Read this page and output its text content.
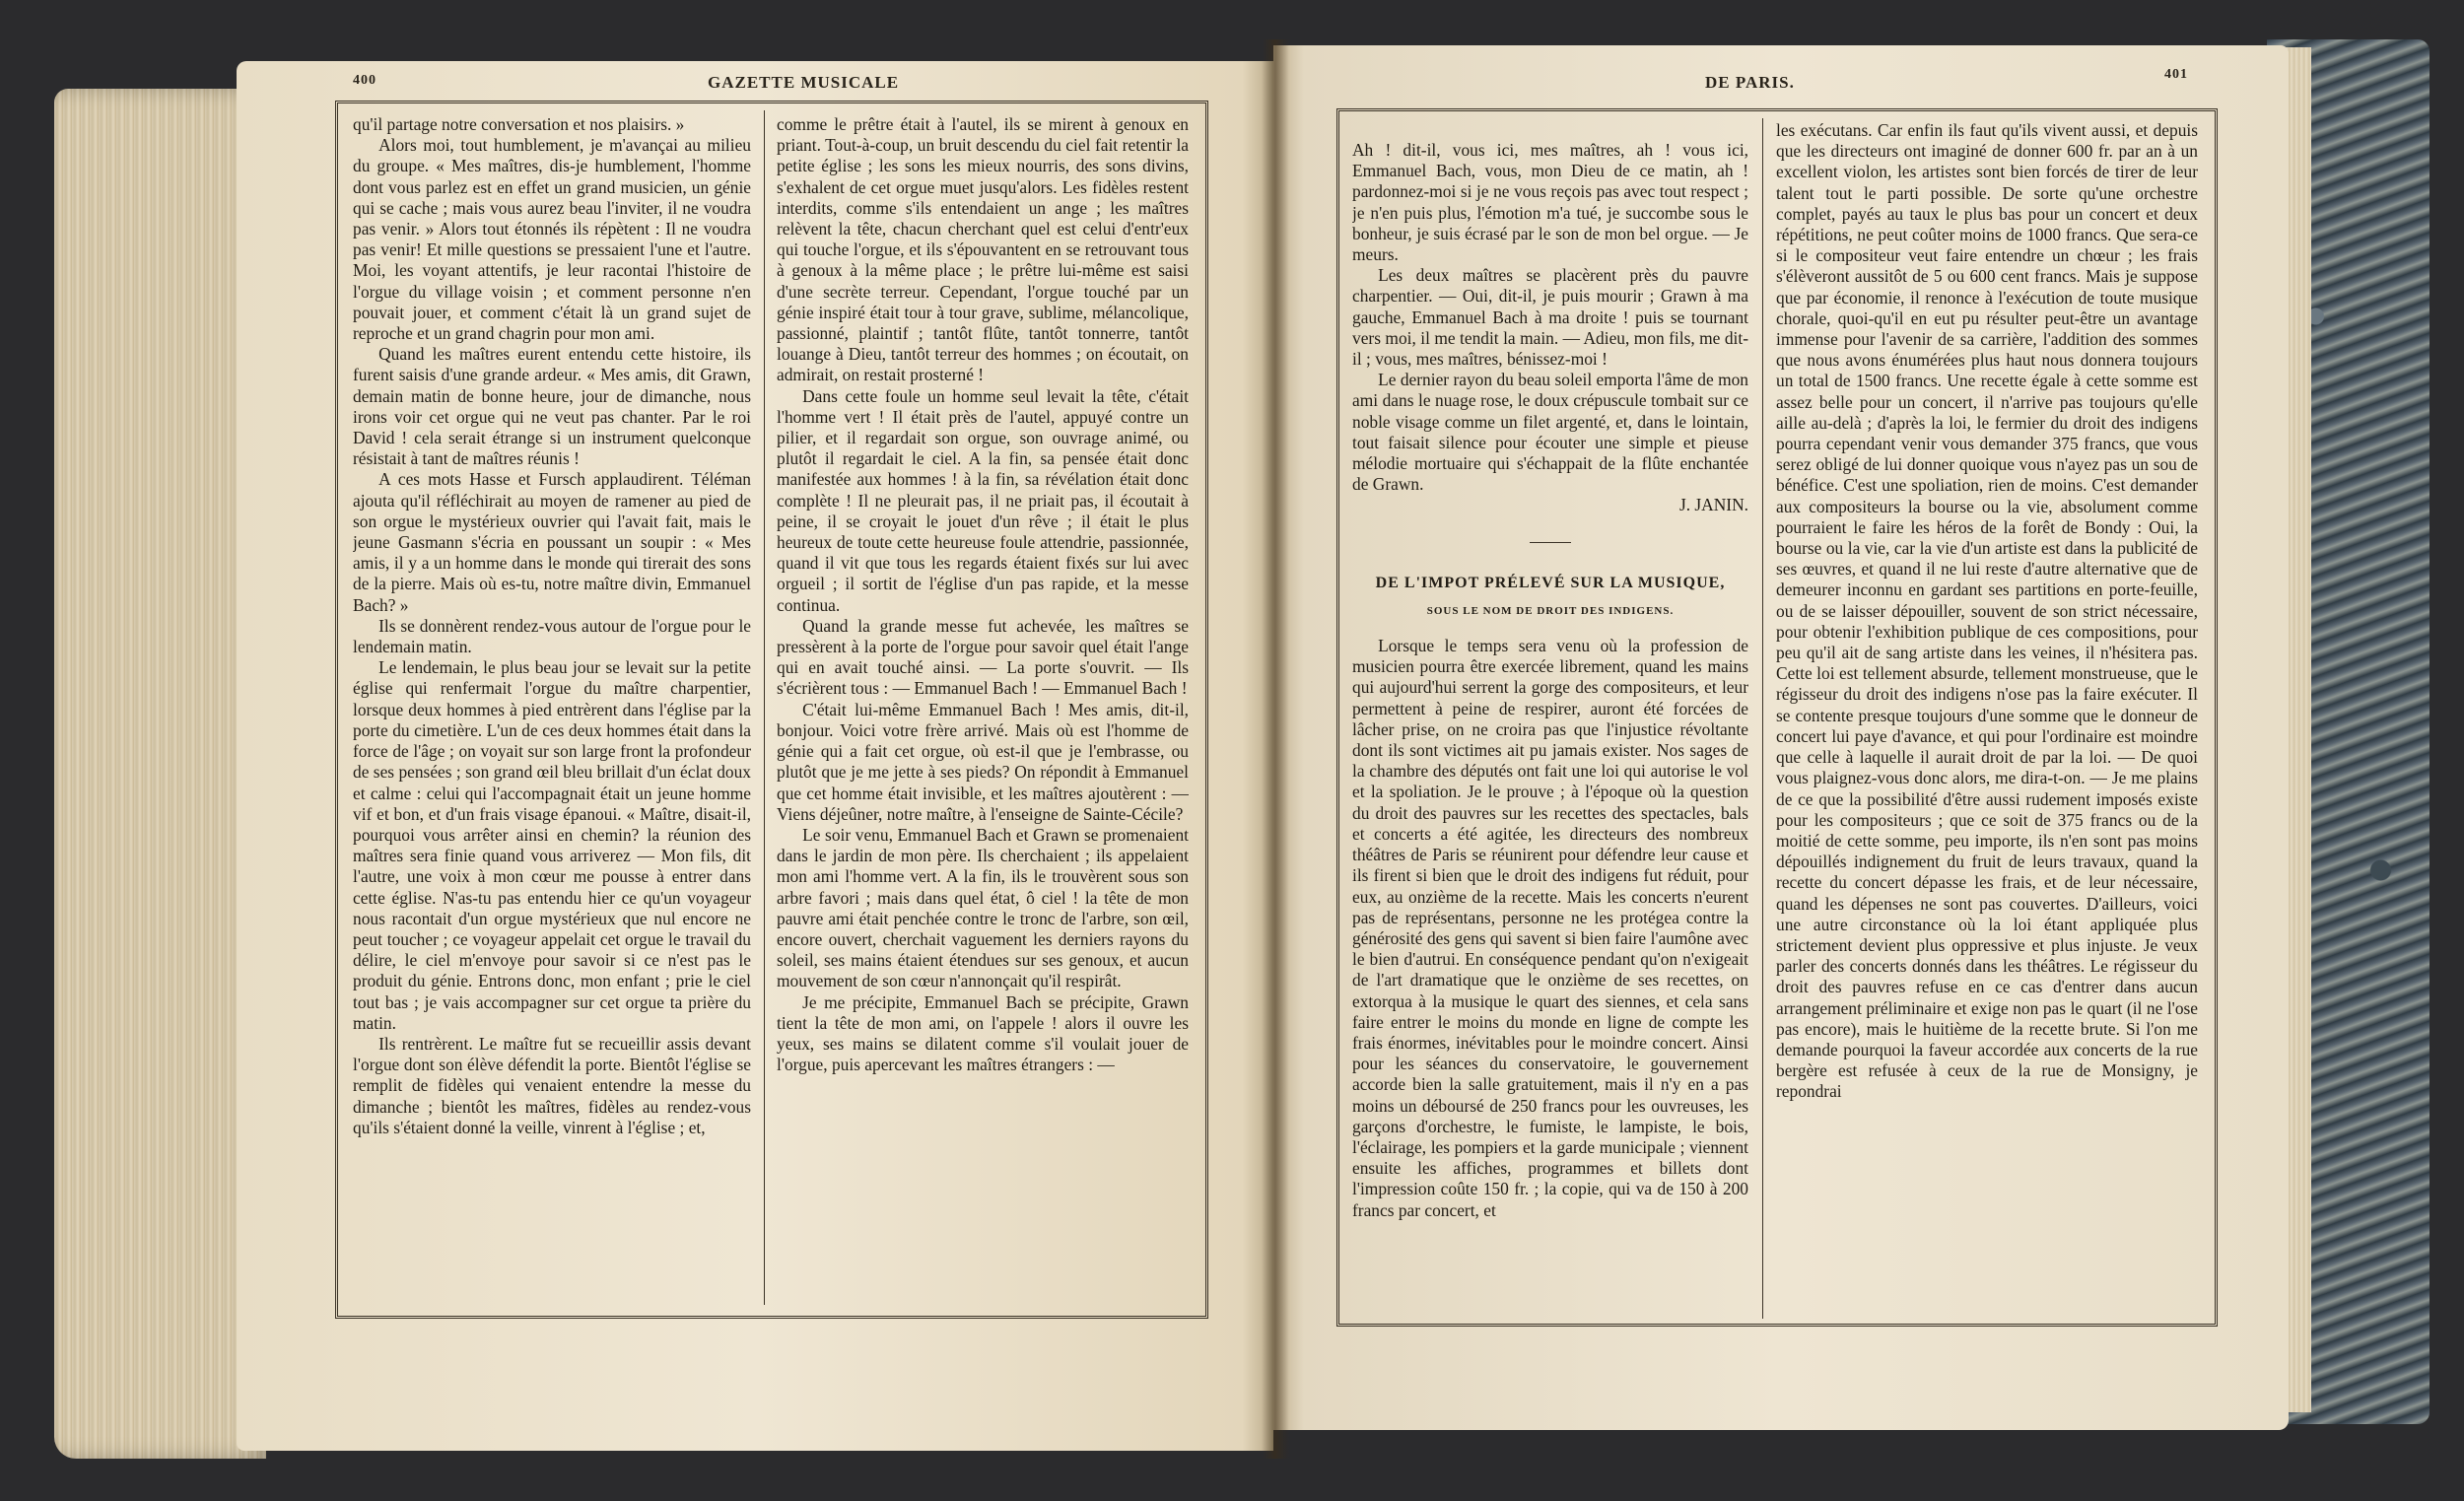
400	GAZETTE MUSICALE

qu'il partage notre conversation et nos plaisirs. »

Alors moi, tout humblement, je m'avançai au milieu du groupe. « Mes maîtres, dis-je humblement, l'homme dont vous parlez est en effet un grand musicien, un génie qui se cache ; mais vous aurez beau l'inviter, il ne voudra pas venir. » Alors tout étonnés ils répètent : Il ne voudra pas venir! Et mille questions se pressaient l'une et l'autre. Moi, les voyant attentifs, je leur racontai l'histoire de l'orgue du village voisin ; et comment personne n'en pouvait jouer, et comment c'était là un grand sujet de reproche et un grand chagrin pour mon ami.

Quand les maîtres eurent entendu cette histoire, ils furent saisis d'une grande ardeur. « Mes amis, dit Grawn, demain matin de bonne heure, jour de dimanche, nous irons voir cet orgue qui ne veut pas chanter. Par le roi David ! cela serait étrange si un instrument quelconque résistait à tant de maîtres réunis !

A ces mots Hasse et Fursch applaudirent. Téléman ajouta qu'il réfléchirait au moyen de ramener au pied de son orgue le mystérieux ouvrier qui l'avait fait, mais le jeune Gasmann s'écria en poussant un soupir : « Mes amis, il y a un homme dans le monde qui tirerait des sons de la pierre. Mais où es-tu, notre maître divin, Emmanuel Bach? »

Ils se donnèrent rendez-vous autour de l'orgue pour le lendemain matin.

Le lendemain, le plus beau jour se levait sur la petite église qui renfermait l'orgue du maître charpentier, lorsque deux hommes à pied entrèrent dans l'église par la porte du cimetière. L'un de ces deux hommes était dans la force de l'âge ; on voyait sur son large front la profondeur de ses pensées ; son grand œil bleu brillait d'un éclat doux et calme : celui qui l'accompagnait était un jeune homme vif et bon, et d'un frais visage épanoui. « Maître, disait-il, pourquoi vous arrêter ainsi en chemin? la réunion des maîtres sera finie quand vous arriverez — Mon fils, dit l'autre, une voix à mon cœur me pousse à entrer dans cette église. N'as-tu pas entendu hier ce qu'un voyageur nous racontait d'un orgue mystérieux que nul encore ne peut toucher ; ce voyageur appelait cet orgue le travail du délire, le ciel m'envoye pour savoir si ce n'est pas le produit du génie. Entrons donc, mon enfant ; prie le ciel tout bas ; je vais accompagner sur cet orgue ta prière du matin.

Ils rentrèrent. Le maître fut se recueillir assis devant l'orgue dont son élève défendit la porte. Bientôt l'église se remplit de fidèles qui venaient entendre la messe du dimanche ; bientôt les maîtres, fidèles au rendez-vous qu'ils s'étaient donné la veille, vinrent à l'église ; et,

comme le prêtre était à l'autel, ils se mirent à genoux en priant. Tout-à-coup, un bruit descendu du ciel fait retentir la petite église ; les sons les mieux nourris, des sons divins, s'exhalent de cet orgue muet jusqu'alors. Les fidèles restent interdits, comme s'ils entendaient un ange ; les maîtres relèvent la tête, chacun cherchant quel est celui d'entr'eux qui touche l'orgue, et ils s'épouvantent en se retrouvant tous à genoux à la même place ; le prêtre lui-même est saisi d'une secrète terreur. Cependant, l'orgue touché par un génie inspiré était tour à tour grave, sublime, mélancolique, passionné, plaintif ; tantôt flûte, tantôt tonnerre, tantôt louange à Dieu, tantôt terreur des hommes ; on écoutait, on admirait, on restait prosterné !

Dans cette foule un homme seul levait la tête, c'était l'homme vert ! Il était près de l'autel, appuyé contre un pilier, et il regardait son orgue, son ouvrage animé, ou plutôt il regardait le ciel. A la fin, sa pensée était donc manifestée aux hommes ! à la fin, sa révélation était donc complète ! Il ne pleurait pas, il ne priait pas, il écoutait à peine, il se croyait le jouet d'un rêve ; il était le plus heureux de toute cette heureuse foule attendrie, passionnée, quand il vit que tous les regards étaient fixés sur lui avec orgueil ; il sortit de l'église d'un pas rapide, et la messe continua.

Quand la grande messe fut achevée, les maîtres se pressèrent à la porte de l'orgue pour savoir quel était l'ange qui en avait touché ainsi. — La porte s'ouvrit. — Ils s'écrièrent tous : — Emmanuel Bach ! — Emmanuel Bach !

C'était lui-même Emmanuel Bach ! Mes amis, dit-il, bonjour. Voici votre frère arrivé. Mais où est l'homme de génie qui a fait cet orgue, où est-il que je l'embrasse, ou plutôt que je me jette à ses pieds? On répondit à Emmanuel que cet homme était invisible, et les maîtres ajoutèrent : — Viens déjeûner, notre maître, à l'enseigne de Sainte-Cécile?

Le soir venu, Emmanuel Bach et Grawn se promenaient dans le jardin de mon père. Ils cherchaient ; ils appelaient mon ami l'homme vert. A la fin, ils le trouvèrent sous son arbre favori ; mais dans quel état, ô ciel ! la tête de mon pauvre ami était penchée contre le tronc de l'arbre, son œil, encore ouvert, cherchait vaguement les derniers rayons du soleil, ses mains étaient étendues sur ses genoux, et aucun mouvement de son cœur n'annonçait qu'il respirât.

Je me précipite, Emmanuel Bach se précipite, Grawn tient la tête de mon ami, on l'appele ! alors il ouvre les yeux, ses mains se dilatent comme s'il voulait jouer de l'orgue, puis apercevant les maîtres étrangers : —

DE PARIS.	401

Ah ! dit-il, vous ici, mes maîtres, ah ! vous ici, Emmanuel Bach, vous, mon Dieu de ce matin, ah ! pardonnez-moi si je ne vous reçois pas avec tout respect ; je n'en puis plus, l'émotion m'a tué, je succombe sous le bonheur, je suis écrasé par le son de mon bel orgue. — Je meurs.

Les deux maîtres se placèrent près du pauvre charpentier. — Oui, dit-il, je puis mourir ; Grawn à ma gauche, Emmanuel Bach à ma droite ! puis se tournant vers moi, il me tendit la main. — Adieu, mon fils, me dit-il ; vous, mes maîtres, bénissez-moi !

Le dernier rayon du beau soleil emporta l'âme de mon ami dans le nuage rose, le doux crépuscule tombait sur ce noble visage comme un filet argenté, et, dans le lointain, tout faisait silence pour écouter une simple et pieuse mélodie mortuaire qui s'échappait de la flûte enchantée de Grawn.

J. JANIN.

DE L'IMPOT PRÉLEVÉ SUR LA MUSIQUE,
SOUS LE NOM DE DROIT DES INDIGENS.

Lorsque le temps sera venu où la profession de musicien pourra être exercée librement, quand les mains qui aujourd'hui serrent la gorge des compositeurs, et leur permettent à peine de respirer, auront été forcées de lâcher prise, on ne croira pas que l'injustice révoltante dont ils sont victimes ait pu jamais exister. Nos sages de la chambre des députés ont fait une loi qui autorise le vol et la spoliation. Je le prouve ; à l'époque où la question du droit des pauvres sur les recettes des spectacles, bals et concerts a été agitée, les directeurs des nombreux théâtres de Paris se réunirent pour défendre leur cause et ils firent si bien que le droit des indigens fut réduit, pour eux, au onzième de la recette. Mais les concerts n'eurent pas de représentans, personne ne les protégea contre la générosité des gens qui savent si bien faire l'aumône avec le bien d'autrui. En conséquence pendant qu'on n'exigeait de l'art dramatique que le onzième de ses recettes, on extorqua à la musique le quart des siennes, et cela sans faire entrer le moins du monde en ligne de compte les frais énormes, inévitables pour le moindre concert. Ainsi pour les séances du conservatoire, le gouvernement accorde bien la salle gratuitement, mais il n'y en a pas moins un déboursé de 250 francs pour les ouvreuses, les garçons d'orchestre, le fumiste, le lampiste, le bois, l'éclairage, les pompiers et la garde municipale ; viennent ensuite les affiches, programmes et billets dont l'impression coûte 150 fr. ; la copie, qui va de 150 à 200 francs par concert, et

les exécutans. Car enfin ils faut qu'ils vivent aussi, et depuis que les directeurs ont imaginé de donner 600 fr. par an à un excellent violon, les artistes sont bien forcés de tirer de leur talent tout le parti possible. De sorte qu'une orchestre complet, payés au taux le plus bas pour un concert et deux répétitions, ne peut coûter moins de 1000 francs. Que sera-ce si le compositeur veut faire entendre un chœur ; les frais s'élèveront aussitôt de 5 ou 600 cent francs. Mais je suppose que par économie, il renonce à l'exécution de toute musique chorale, quoi-qu'il en eut pu résulter peut-être un avantage immense pour l'avenir de sa carrière, l'addition des sommes que nous avons énumérées plus haut nous donnera toujours un total de 1500 francs. Une recette égale à cette somme est assez belle pour un concert, il n'arrive pas toujours qu'elle aille au-delà ; d'après la loi, le fermier du droit des indigens pourra cependant venir vous demander 375 francs, que vous serez obligé de lui donner quoique vous n'ayez pas un sou de bénéfice. C'est une spoliation, rien de moins. C'est demander aux compositeurs la bourse ou la vie, absolument comme pourraient le faire les héros de la forêt de Bondy : Oui, la bourse ou la vie, car la vie d'un artiste est dans la publicité de ses œuvres, et quand il ne lui reste d'autre alternative que de demeurer inconnu en gardant ses partitions en porte-feuille, ou de se laisser dépouiller, souvent de son strict nécessaire, pour obtenir l'exhibition publique de ces compositions, pour peu qu'il ait de sang artiste dans les veines, il n'hésitera pas. Cette loi est tellement absurde, tellement monstrueuse, que le régisseur du droit des indigens n'ose pas la faire exécuter. Il se contente presque toujours d'une somme que le donneur de concert lui paye d'avance, et qui pour l'ordinaire est moindre que celle à laquelle il aurait droit de par la loi. — De quoi vous plaignez-vous donc alors, me dira-t-on. — Je me plains de ce que la possibilité d'être aussi rudement imposés existe pour les compositeurs ; que ce soit de 375 francs ou de la moitié de cette somme, peu importe, ils n'en sont pas moins dépouillés indignement du fruit de leurs travaux, quand la recette du concert dépasse les frais, et de leur nécessaire, quand les dépenses ne sont pas couvertes. D'ailleurs, voici une autre circonstance où la loi étant appliquée plus strictement devient plus oppressive et plus injuste. Je veux parler des concerts donnés dans les théâtres. Le régisseur du droit des pauvres refuse en ce cas d'entrer dans aucun arrangement préliminaire et exige non pas le quart (il ne l'ose pas encore), mais le huitième de la recette brute. Si l'on me demande pourquoi la faveur accordée aux concerts de la rue bergère est refusée à ceux de la rue de Monsigny, je repondrai
